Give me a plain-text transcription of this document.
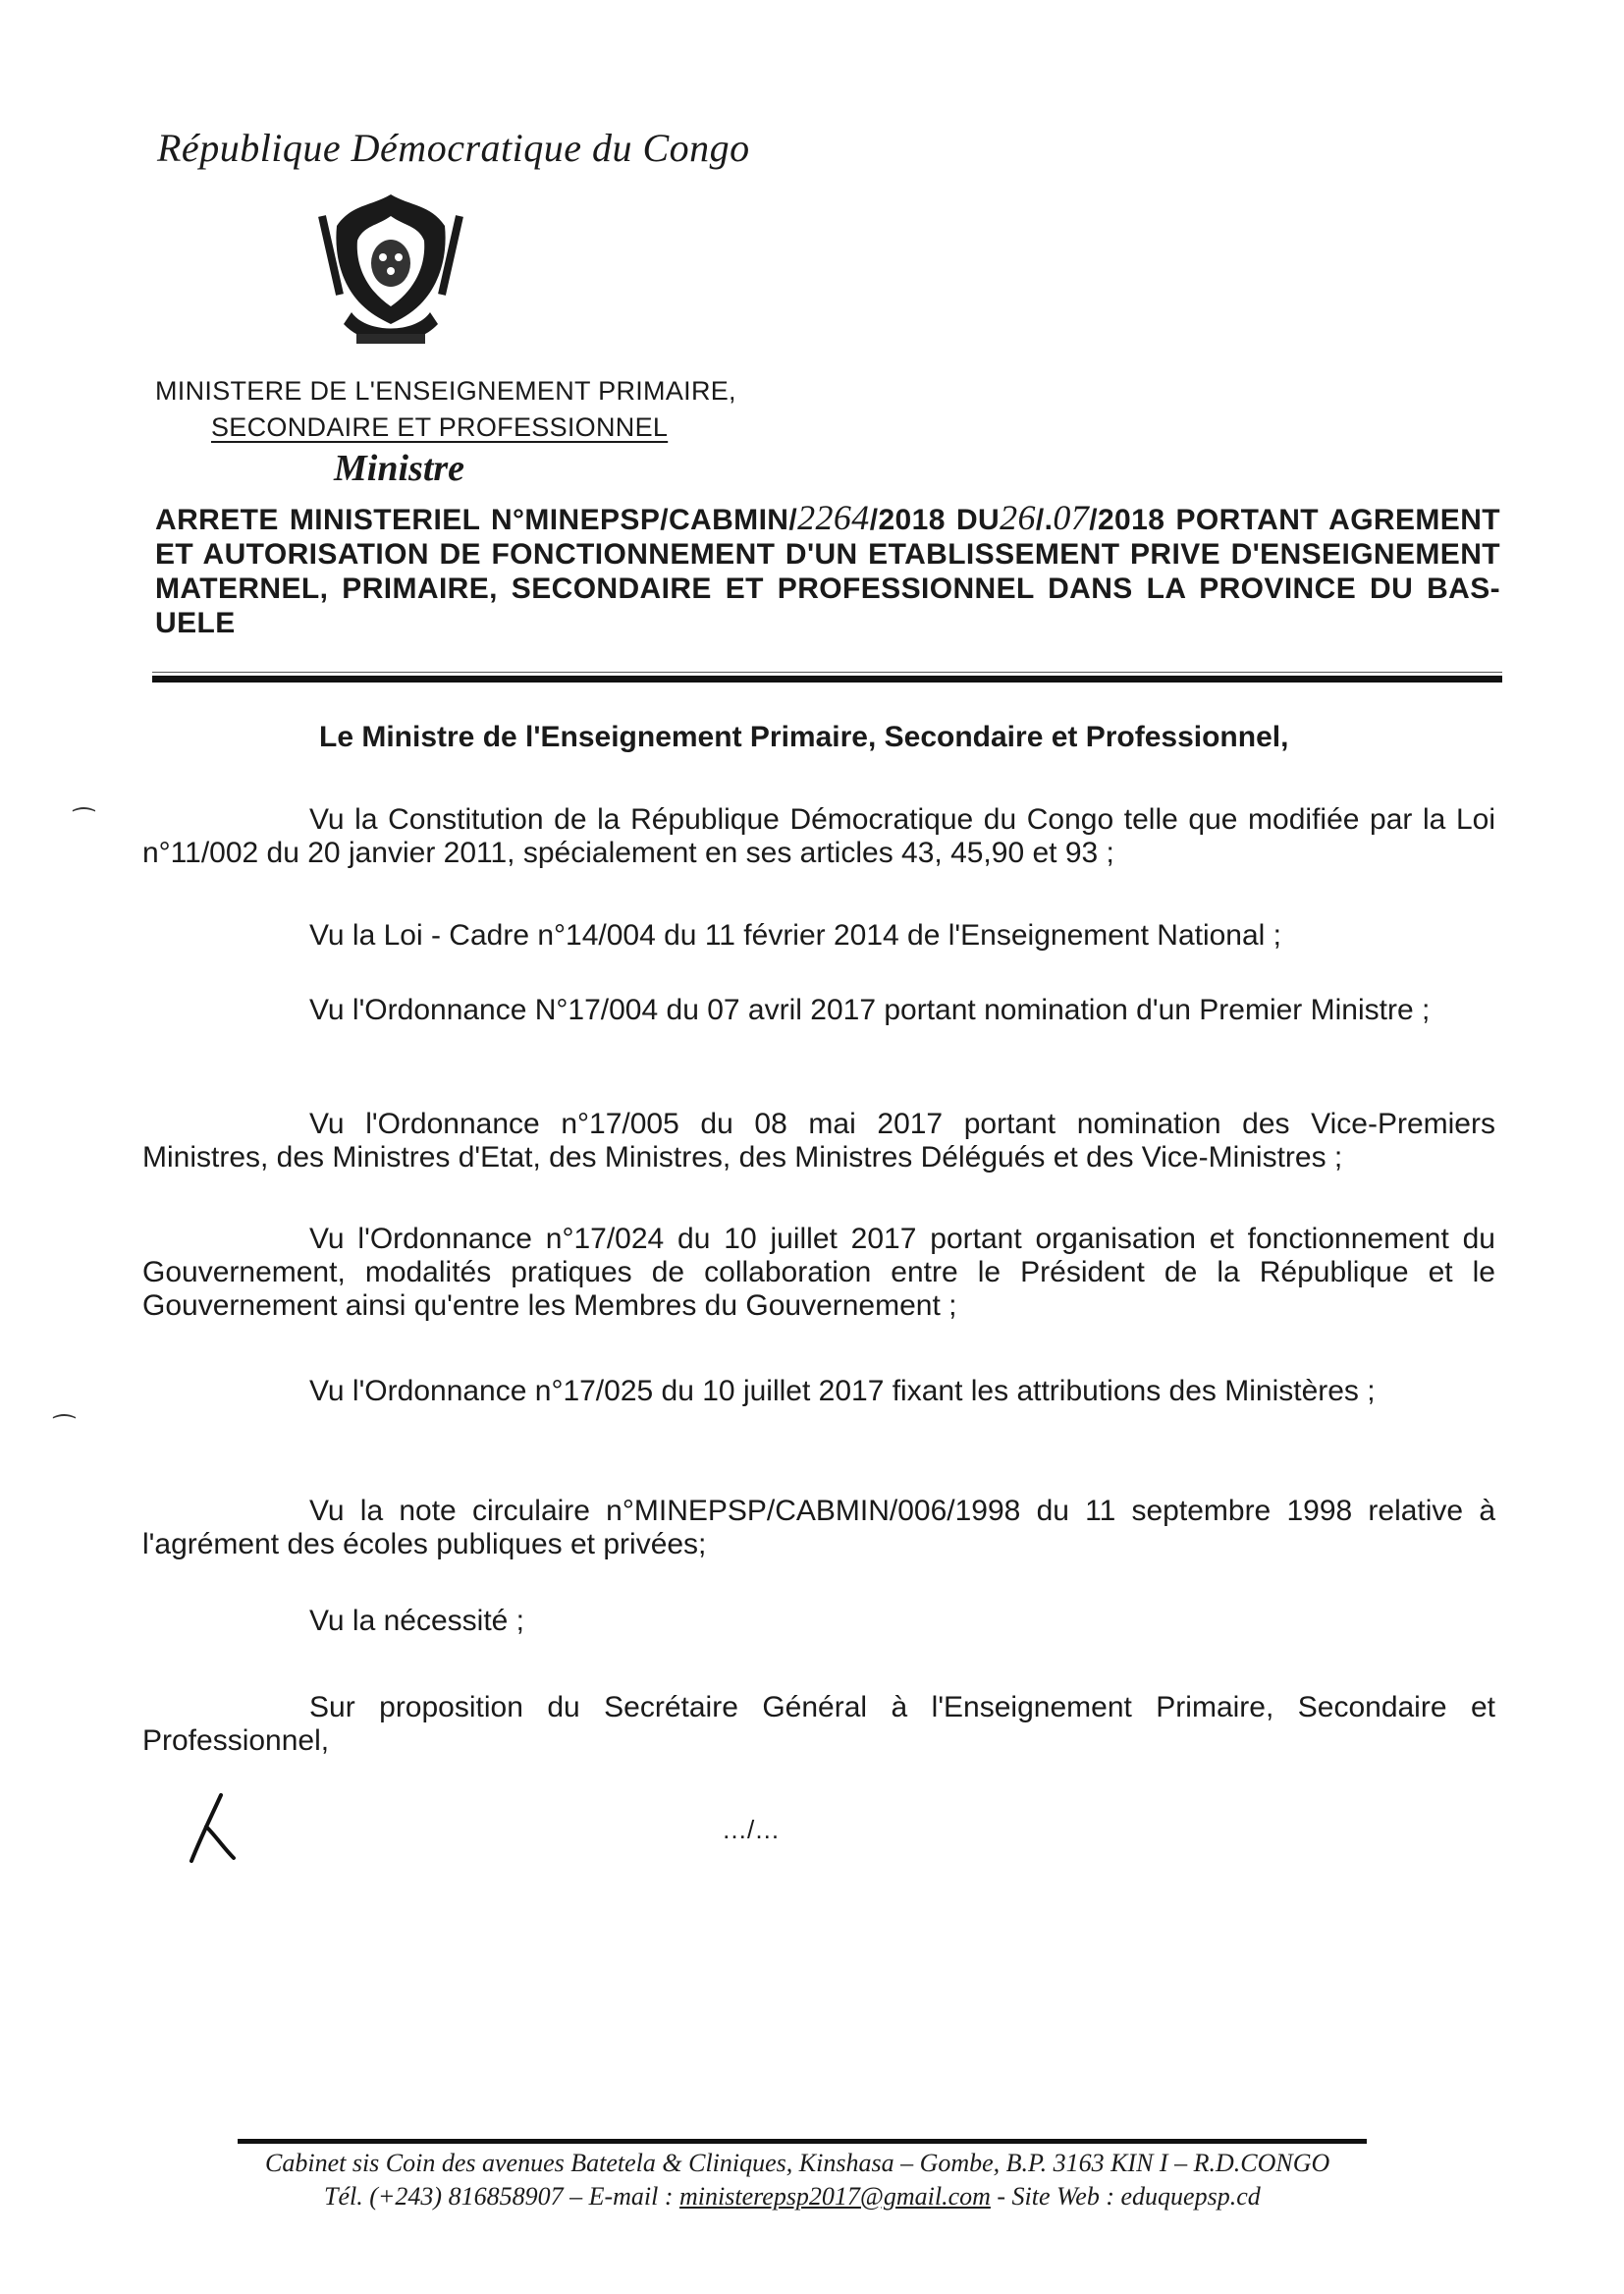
République Démocratique du Congo
MINISTERE DE L'ENSEIGNEMENT PRIMAIRE,
SECONDAIRE ET PROFESSIONNEL
Ministre
ARRETE MINISTERIEL N°MINEPSP/CABMIN/2264/2018 DU26/.07/2018 PORTANT AGREMENT ET AUTORISATION DE FONCTIONNEMENT D'UN ETABLISSEMENT PRIVE D'ENSEIGNEMENT MATERNEL, PRIMAIRE, SECONDAIRE ET PROFESSIONNEL DANS LA PROVINCE DU BAS-UELE
Le Ministre de l'Enseignement Primaire, Secondaire et Professionnel,
⁀
⁀
Vu la Constitution de la République Démocratique du Congo telle que modifiée par la Loi n°11/002 du 20 janvier 2011, spécialement en ses articles 43, 45,90 et 93 ;
Vu la Loi - Cadre n°14/004 du 11 février 2014 de l'Enseignement National ;
Vu l'Ordonnance N°17/004 du 07 avril 2017 portant nomination d'un Premier Ministre ;
Vu l'Ordonnance n°17/005 du 08 mai 2017 portant nomination des Vice-Premiers Ministres, des Ministres d'Etat, des Ministres, des Ministres Délégués et des Vice-Ministres ;
Vu l'Ordonnance n°17/024 du 10 juillet 2017 portant organisation et fonctionnement du Gouvernement, modalités pratiques de collaboration entre le Président de la République et le Gouvernement ainsi qu'entre les Membres du Gouvernement ;
Vu l'Ordonnance n°17/025 du 10 juillet 2017 fixant les attributions des Ministères ;
Vu la note circulaire n°MINEPSP/CABMIN/006/1998 du 11 septembre 1998 relative à l'agrément des écoles publiques et privées;
Vu la nécessité ;
Sur proposition du Secrétaire Général à l'Enseignement Primaire, Secondaire et Professionnel,
…/…
Cabinet sis Coin des avenues Batetela & Cliniques, Kinshasa – Gombe, B.P. 3163 KIN I – R.D.CONGO
Tél. (+243) 816858907 – E-mail : ministerepsp2017@gmail.com - Site Web : eduquepsp.cd
